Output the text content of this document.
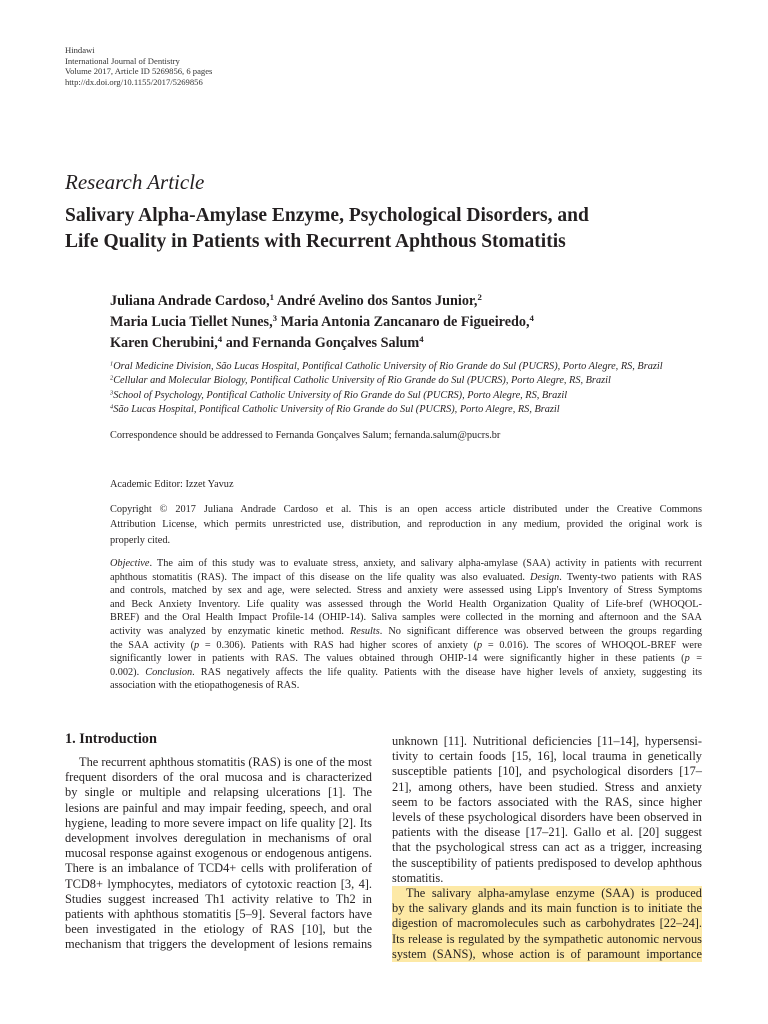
Hindawi
International Journal of Dentistry
Volume 2017, Article ID 5269856, 6 pages
http://dx.doi.org/10.1155/2017/5269856
Research Article
Salivary Alpha-Amylase Enzyme, Psychological Disorders, and
Life Quality in Patients with Recurrent Aphthous Stomatitis
Juliana Andrade Cardoso,$^1$ André Avelino dos Santos Junior,$^2$
Maria Lucia Tiellet Nunes,$^3$ Maria Antonia Zancanaro de Figueiredo,$^4$
Karen Cherubini,$^4$ and Fernanda Gonçalves Salum$^4$
$^1$Oral Medicine Division, São Lucas Hospital, Pontifical Catholic University of Rio Grande do Sul (PUCRS), Porto Alegre, RS, Brazil
$^2$Cellular and Molecular Biology, Pontifical Catholic University of Rio Grande do Sul (PUCRS), Porto Alegre, RS, Brazil
$^3$School of Psychology, Pontifical Catholic University of Rio Grande do Sul (PUCRS), Porto Alegre, RS, Brazil
$^4$São Lucas Hospital, Pontifical Catholic University of Rio Grande do Sul (PUCRS), Porto Alegre, RS, Brazil
Correspondence should be addressed to Fernanda Gonçalves Salum; fernanda.salum@pucrs.br
Academic Editor: Izzet Yavuz
Copyright © 2017 Juliana Andrade Cardoso et al. This is an open access article distributed under the Creative Commons
Attribution License, which permits unrestricted use, distribution, and reproduction in any medium, provided the original work is
properly cited.
Objective. The aim of this study was to evaluate stress, anxiety, and salivary alpha-amylase (SAA) activity in patients with recurrent
aphthous stomatitis (RAS). The impact of this disease on the life quality was also evaluated. Design. Twenty-two patients with RAS
and controls, matched by sex and age, were selected. Stress and anxiety were assessed using Lipp's Inventory of Stress Symptoms
and Beck Anxiety Inventory. Life quality was assessed through the World Health Organization Quality of Life-bref (WHOQOL-
BREF) and the Oral Health Impact Profile-14 (OHIP-14). Saliva samples were collected in the morning and afternoon and the SAA
activity was analyzed by enzymatic kinetic method. Results. No significant difference was observed between the groups regarding
the SAA activity (p = 0.306). Patients with RAS had higher scores of anxiety (p = 0.016). The scores of WHOQOL-BREF were
significantly lower in patients with RAS. The values obtained through OHIP-14 were significantly higher in these patients (p =
0.002). Conclusion. RAS negatively affects the life quality. Patients with the disease have higher levels of anxiety, suggesting its
association with the etiopathogenesis of RAS.
1. Introduction
The recurrent aphthous stomatitis (RAS) is one of the most
frequent disorders of the oral mucosa and is characterized
by single or multiple and relapsing ulcerations [1]. The
lesions are painful and may impair feeding, speech, and oral
hygiene, leading to more severe impact on life quality [2]. Its
development involves deregulation in mechanisms of oral
mucosal response against exogenous or endogenous antigens.
There is an imbalance of TCD4+ cells with proliferation of
TCD8+ lymphocytes, mediators of cytotoxic reaction [3, 4].
Studies suggest increased Th1 activity relative to Th2 in
patients with aphthous stomatitis [5–9]. Several factors have
been investigated in the etiology of RAS [10], but the
mechanism that triggers the development of lesions remains
unknown [11]. Nutritional deficiencies [11–14], hypersensi-
tivity to certain foods [15, 16], local trauma in genetically
susceptible patients [10], and psychological disorders [17–
21], among others, have been studied. Stress and anxiety
seem to be factors associated with the RAS, since higher
levels of these psychological disorders have been observed in
patients with the disease [17–21]. Gallo et al. [20] suggest
that the psychological stress can act as a trigger, increasing
the susceptibility of patients predisposed to develop aphthous
stomatitis.
The salivary alpha-amylase enzyme (SAA) is produced
by the salivary glands and its main function is to initiate the
digestion of macromolecules such as carbohydrates [22–24].
Its release is regulated by the sympathetic autonomic nervous
system (SANS), whose action is of paramount importance
